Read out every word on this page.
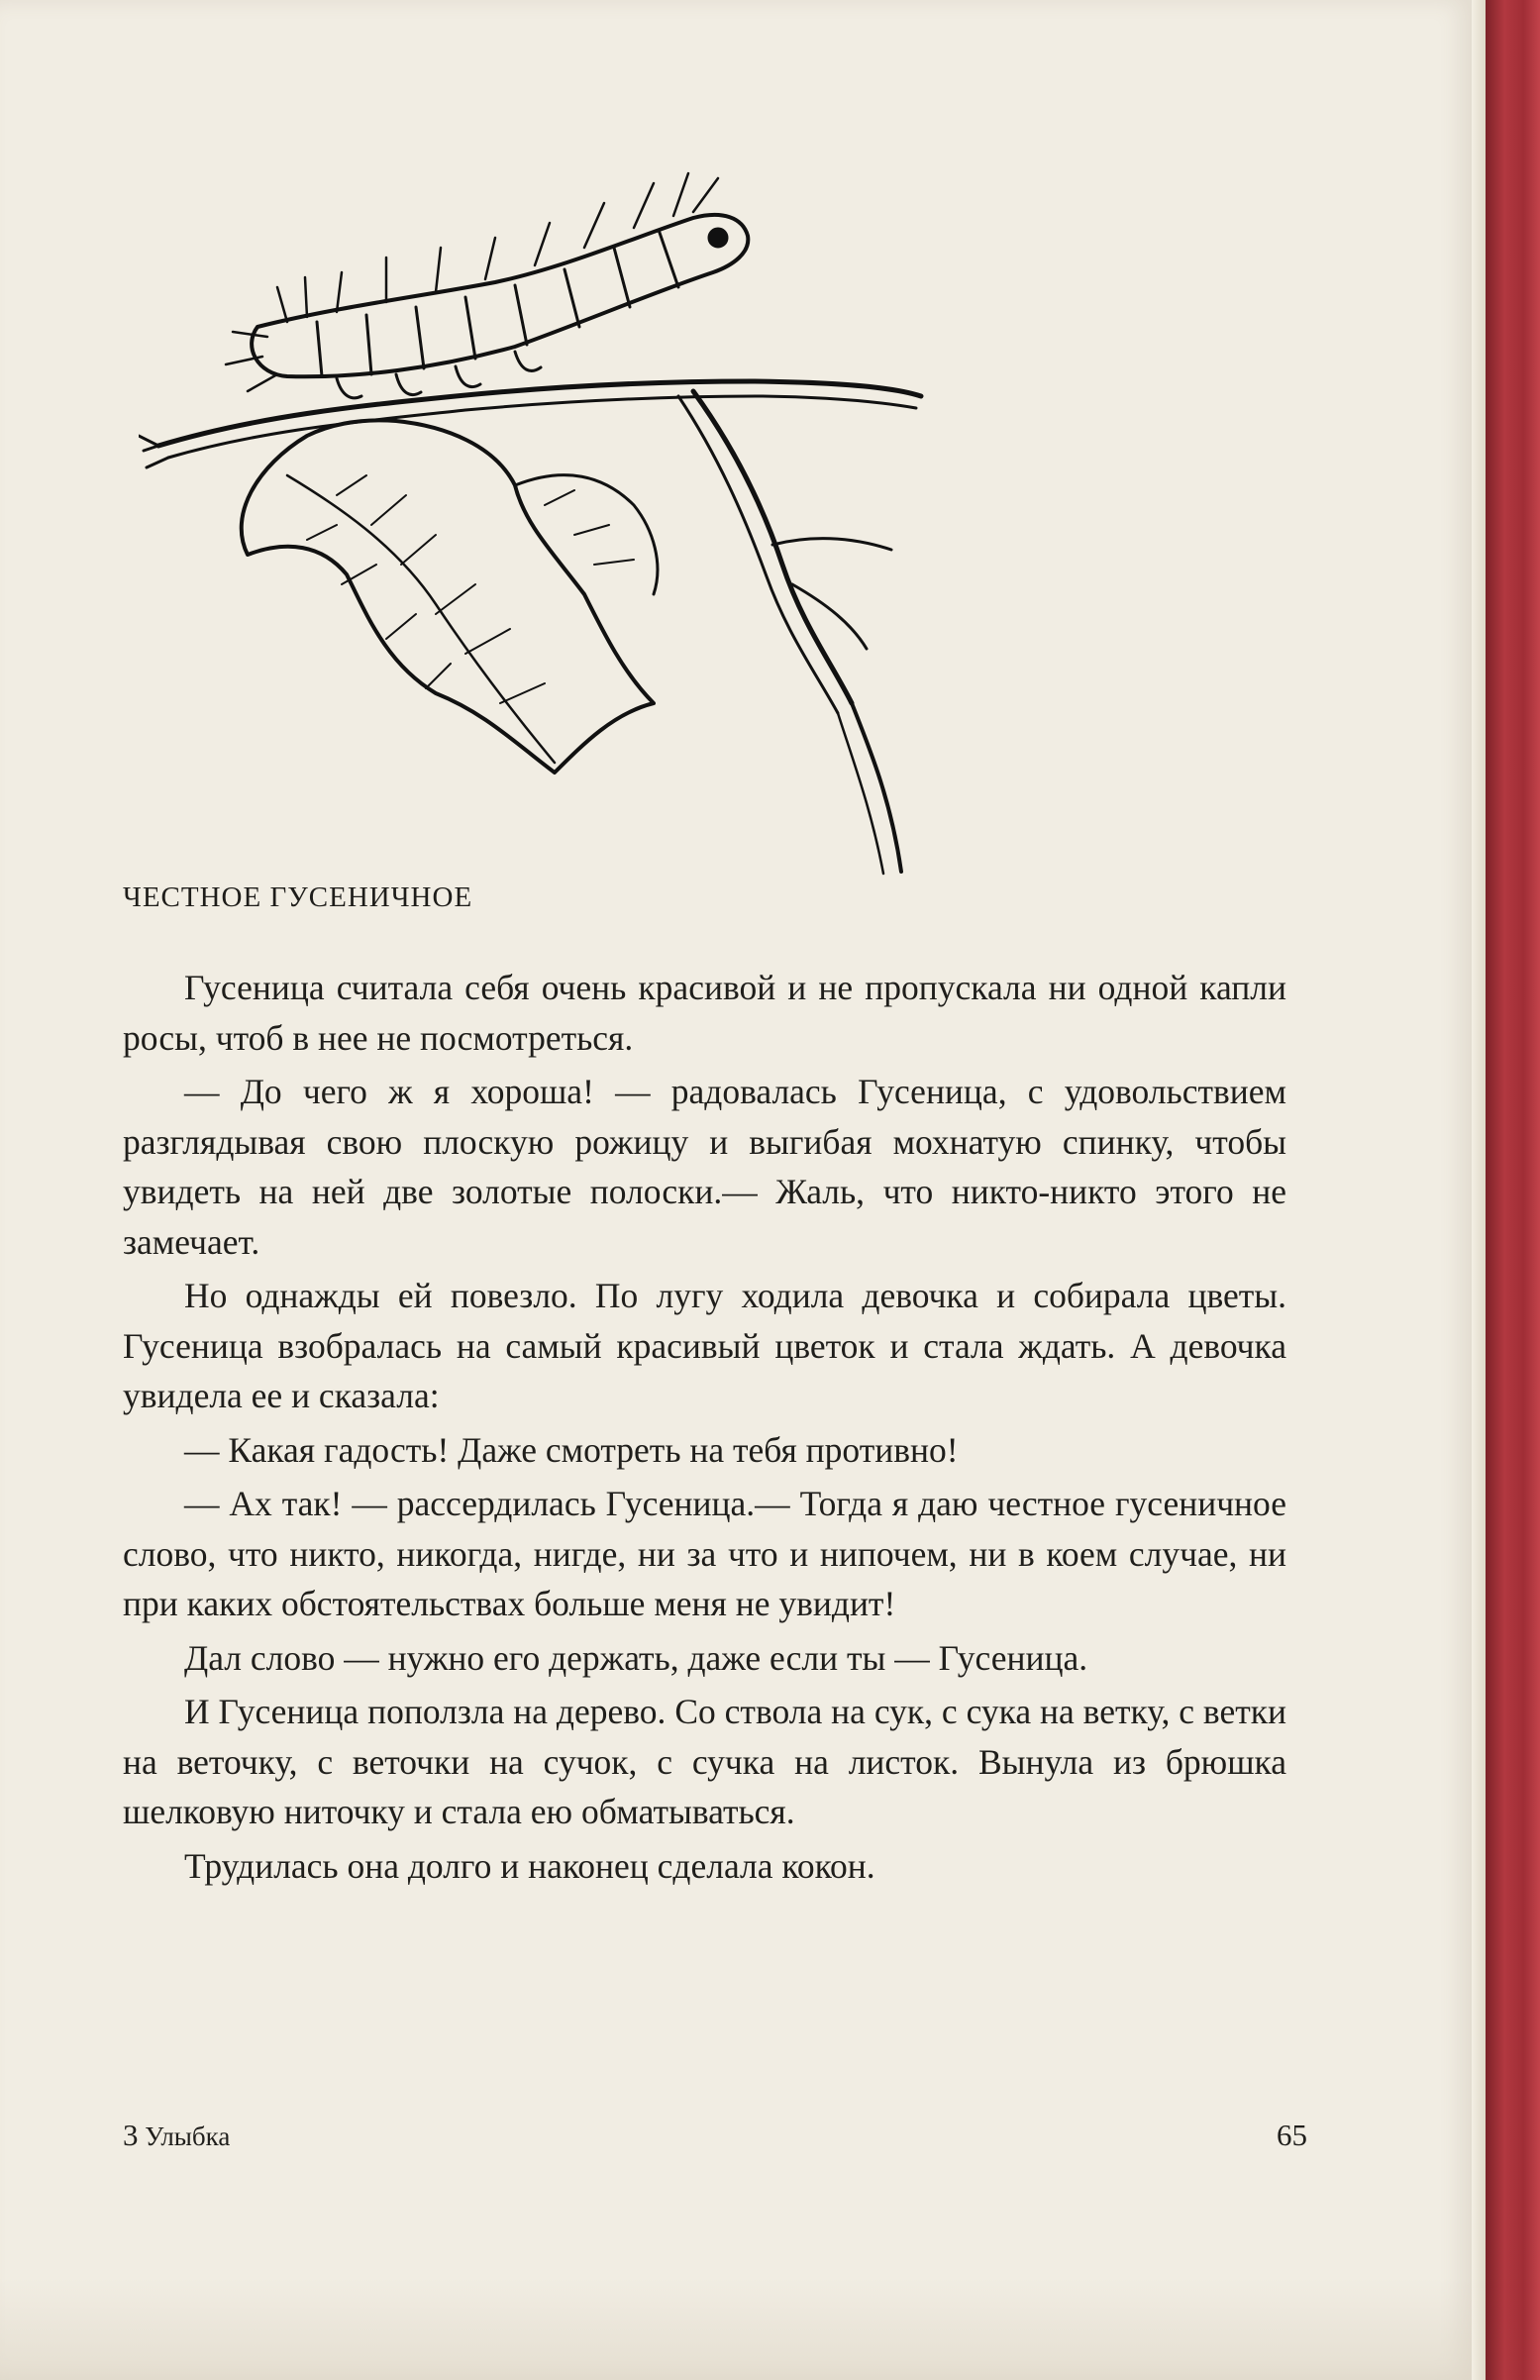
ЧЕСТНОЕ ГУСЕНИЧНОЕ

Гусеница считала себя очень красивой и не пропускала ни одной капли росы, чтоб в нее не посмотреться.

— До чего ж я хороша! — радовалась Гусеница, с удовольствием разглядывая свою плоскую рожицу и выгибая мохнатую спинку, чтобы увидеть на ней две золотые полоски.— Жаль, что никто-никто этого не замечает.

Но однажды ей повезло. По лугу ходила девочка и собирала цветы. Гусеница взобралась на самый красивый цветок и стала ждать. А девочка увидела ее и сказала:

— Какая гадость! Даже смотреть на тебя противно!

— Ах так! — рассердилась Гусеница.— Тогда я даю честное гусеничное слово, что никто, никогда, нигде, ни за что и нипочем, ни в коем случае, ни при каких обстоятельствах больше меня не увидит!

Дал слово — нужно его держать, даже если ты — Гусеница.

И Гусеница поползла на дерево. Со ствола на сук, с сука на ветку, с ветки на веточку, с веточки на сучок, с сучка на листок. Вынула из брюшка шелковую ниточку и стала ею обматываться.

Трудилась она долго и наконец сделала кокон.

3 Улыбка	65
